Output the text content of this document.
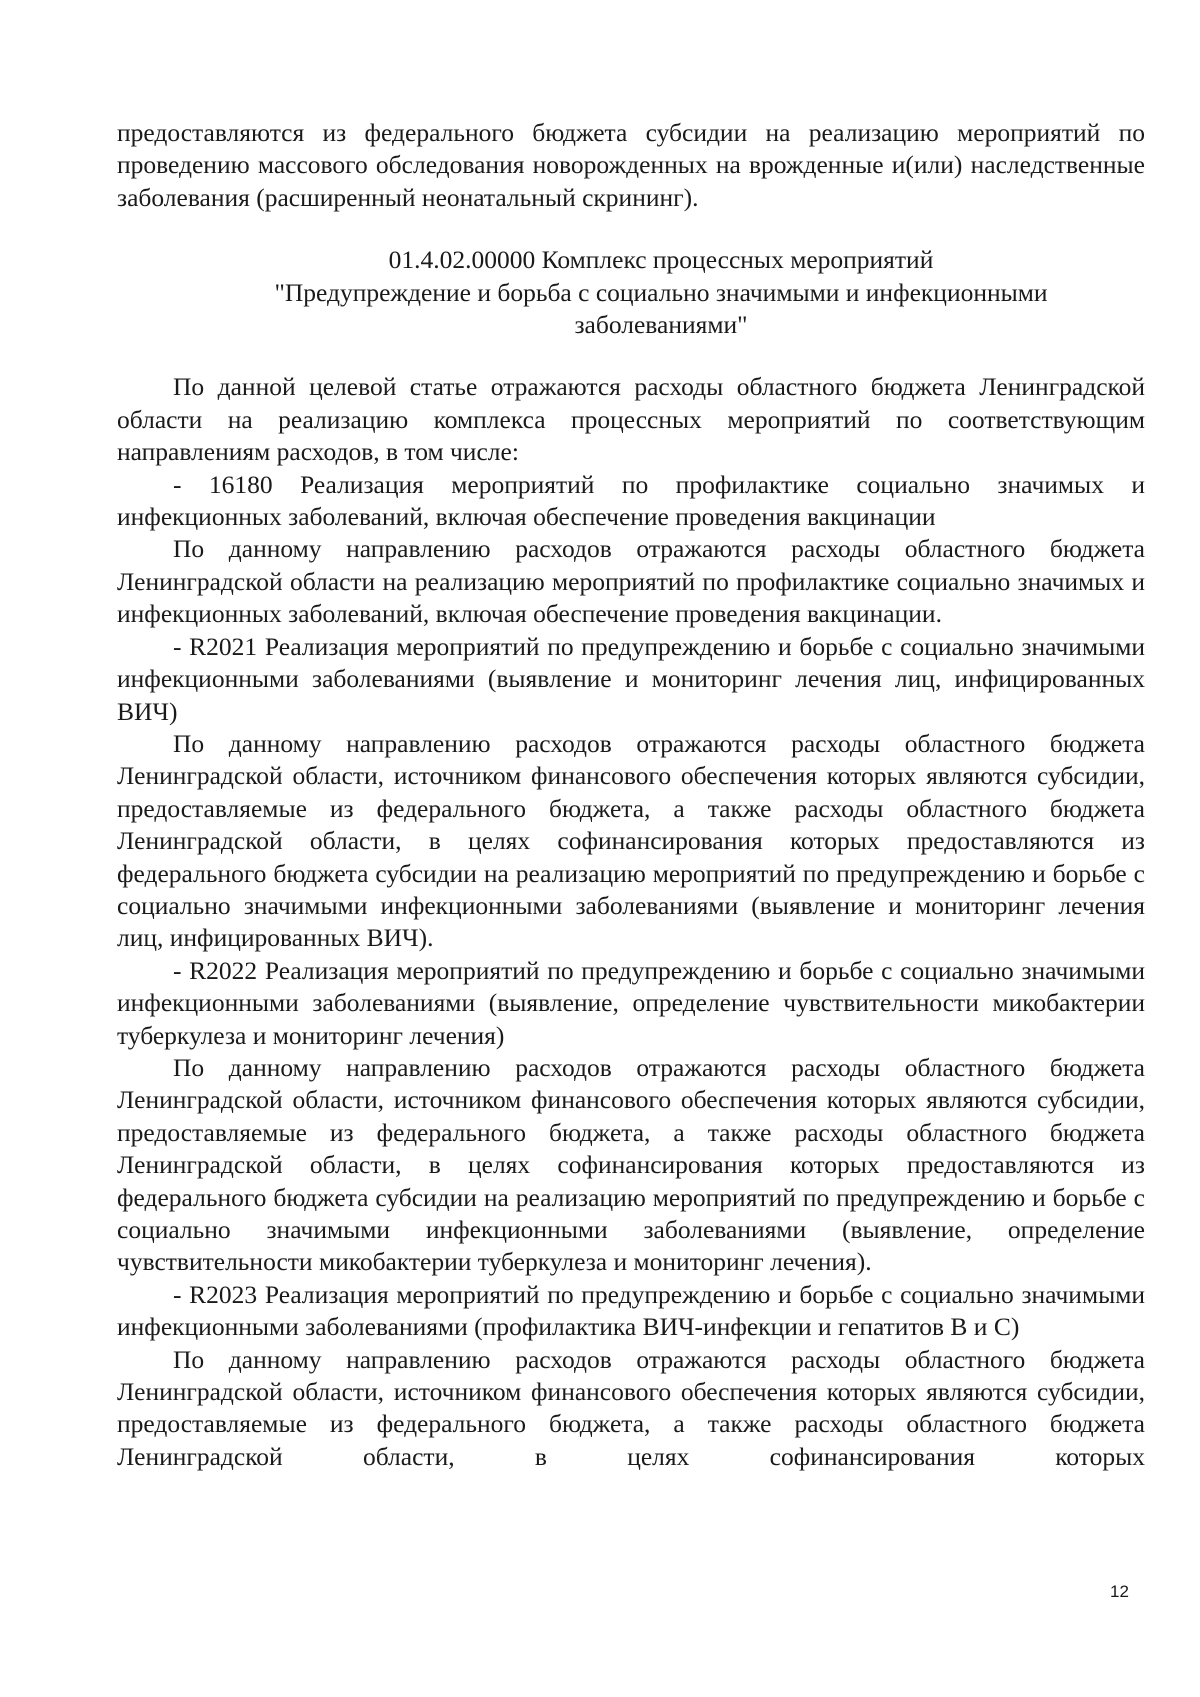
предоставляются из федерального бюджета субсидии на реализацию мероприятий по проведению массового обследования новорожденных на врожденные и(или) наследственные заболевания (расширенный неонатальный скрининг).

01.4.02.00000 Комплекс процессных мероприятий
"Предупреждение и борьба с социально значимыми и инфекционными
заболеваниями"

По данной целевой статье отражаются расходы областного бюджета Ленинградской области на реализацию комплекса процессных мероприятий по соответствующим направлениям расходов, в том числе:

- 16180 Реализация мероприятий по профилактике социально значимых и инфекционных заболеваний, включая обеспечение проведения вакцинации

По данному направлению расходов отражаются расходы областного бюджета Ленинградской области на реализацию мероприятий по профилактике социально значимых и инфекционных заболеваний, включая обеспечение проведения вакцинации.

- R2021 Реализация мероприятий по предупреждению и борьбе с социально значимыми инфекционными заболеваниями (выявление и мониторинг лечения лиц, инфицированных ВИЧ)

По данному направлению расходов отражаются расходы областного бюджета Ленинградской области, источником финансового обеспечения которых являются субсидии, предоставляемые из федерального бюджета, а также расходы областного бюджета Ленинградской области, в целях софинансирования которых предоставляются из федерального бюджета субсидии на реализацию мероприятий по предупреждению и борьбе с социально значимыми инфекционными заболеваниями (выявление и мониторинг лечения лиц, инфицированных ВИЧ).

- R2022 Реализация мероприятий по предупреждению и борьбе с социально значимыми инфекционными заболеваниями (выявление, определение чувствительности микобактерии туберкулеза и мониторинг лечения)

По данному направлению расходов отражаются расходы областного бюджета Ленинградской области, источником финансового обеспечения которых являются субсидии, предоставляемые из федерального бюджета, а также расходы областного бюджета Ленинградской области, в целях софинансирования которых предоставляются из федерального бюджета субсидии на реализацию мероприятий по предупреждению и борьбе с социально значимыми инфекционными заболеваниями (выявление, определение чувствительности микобактерии туберкулеза и мониторинг лечения).

- R2023 Реализация мероприятий по предупреждению и борьбе с социально значимыми инфекционными заболеваниями (профилактика ВИЧ-инфекции и гепатитов В и С)

По данному направлению расходов отражаются расходы областного бюджета Ленинградской области, источником финансового обеспечения которых являются субсидии, предоставляемые из федерального бюджета, а также расходы областного бюджета Ленинградской области, в целях софинансирования которых

12
